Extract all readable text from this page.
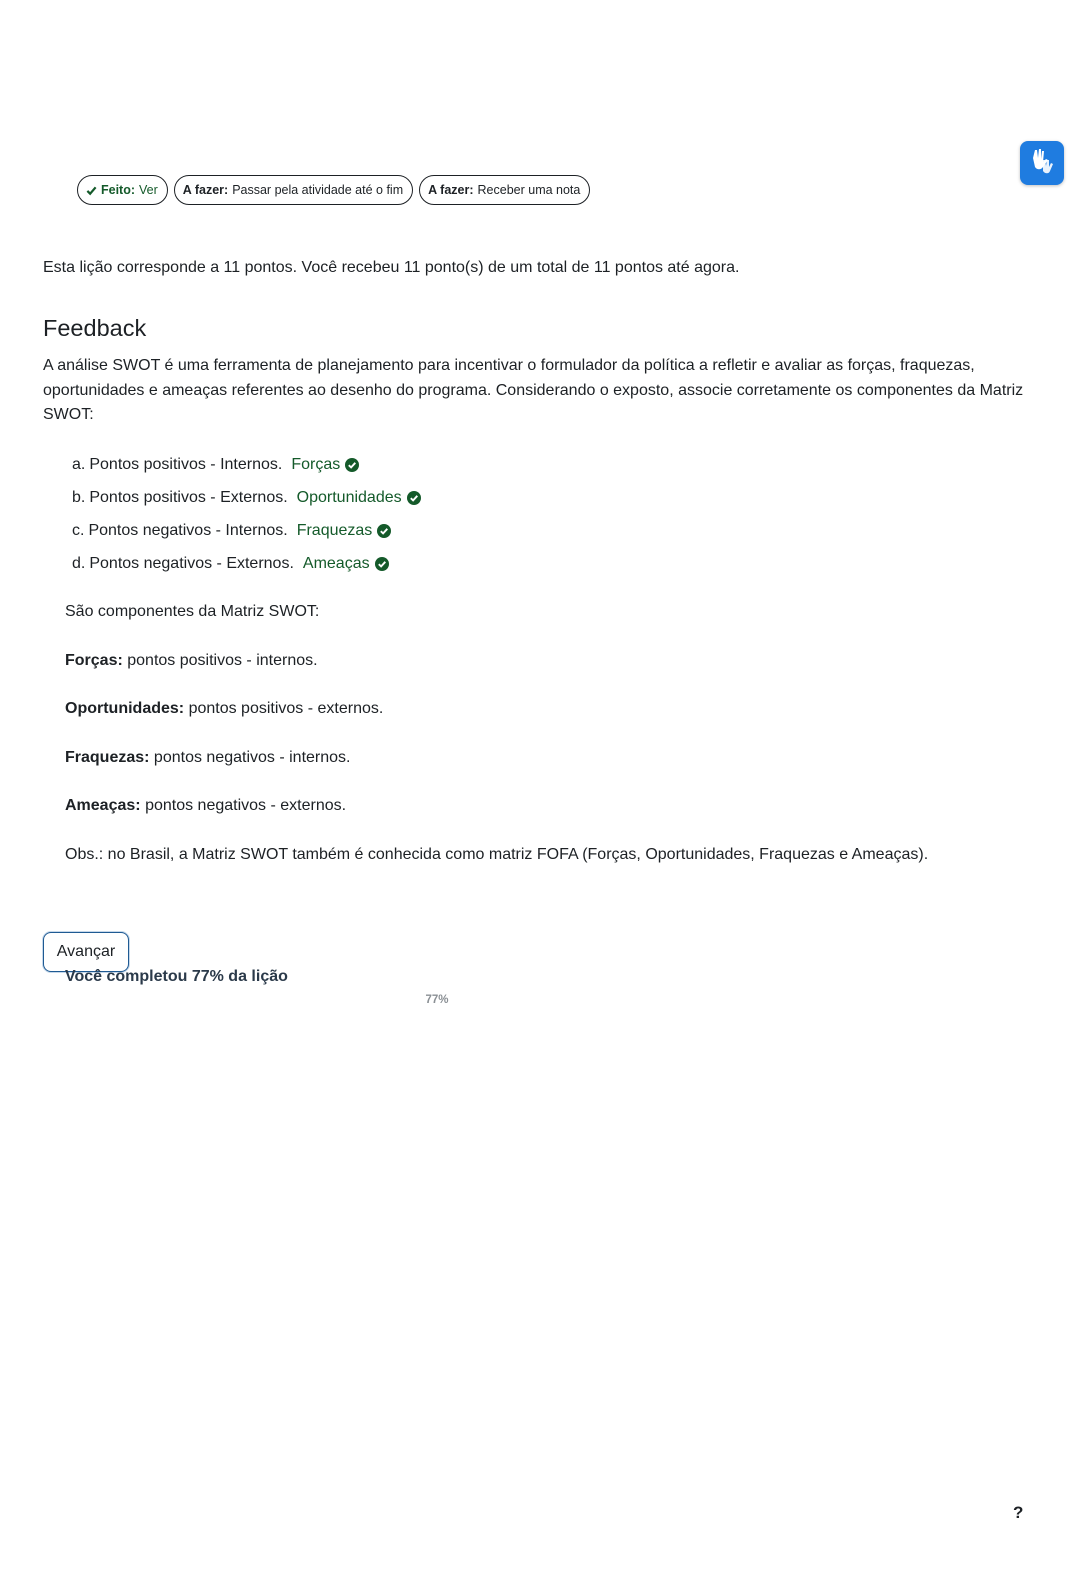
Feito: Ver A fazer: Passar pela atividade até o fim A fazer: Receber uma nota
Esta lição corresponde a 11 pontos. Você recebeu 11 ponto(s) de um total de 11 pontos até agora.
Feedback

A análise SWOT é uma ferramenta de planejamento para incentivar o formulador da política a refletir e avaliar as forças, fraquezas, oportunidades e ameaças referentes ao desenho do programa. Considerando o exposto, associe corretamente os componentes da Matriz SWOT:

a. Pontos positivos - Internos. Forças
b. Pontos positivos - Externos. Oportunidades
c. Pontos negativos - Internos. Fraquezas
d. Pontos negativos - Externos. Ameaças

São componentes da Matriz SWOT:

Forças: pontos positivos - internos.

Oportunidades: pontos positivos - externos.

Fraquezas: pontos negativos - internos.

Ameaças: pontos negativos - externos.

Obs.: no Brasil, a Matriz SWOT também é conhecida como matriz FOFA (Forças, Oportunidades, Fraquezas e Ameaças).

Avançar
Você completou 77% da lição
77%
?
